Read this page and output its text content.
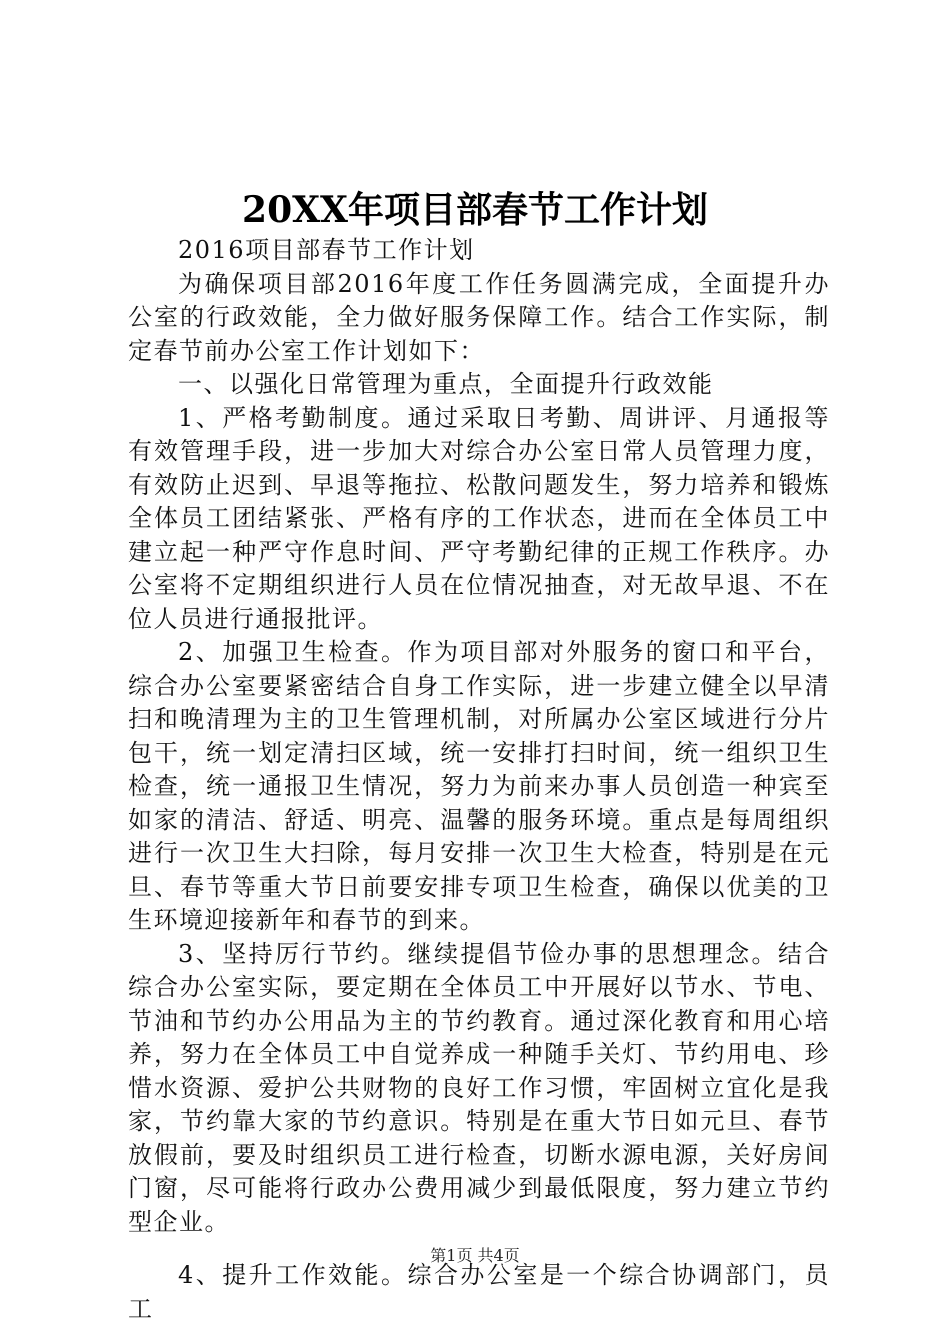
20XX年项目部春节工作计划

2016项目部春节工作计划

为确保项目部2016年度工作任务圆满完成，全面提升办公室的行政效能，全力做好服务保障工作。结合工作实际，制定春节前办公室工作计划如下：

一、以强化日常管理为重点，全面提升行政效能

1、严格考勤制度。通过采取日考勤、周讲评、月通报等有效管理手段，进一步加大对综合办公室日常人员管理力度，有效防止迟到、早退等拖拉、松散问题发生，努力培养和锻炼全体员工团结紧张、严格有序的工作状态，进而在全体员工中建立起一种严守作息时间、严守考勤纪律的正规工作秩序。办公室将不定期组织进行人员在位情况抽查，对无故早退、不在位人员进行通报批评。

2、加强卫生检查。作为项目部对外服务的窗口和平台，综合办公室要紧密结合自身工作实际，进一步建立健全以早清扫和晚清理为主的卫生管理机制，对所属办公室区域进行分片包干，统一划定清扫区域，统一安排打扫时间，统一组织卫生检查，统一通报卫生情况，努力为前来办事人员创造一种宾至如家的清洁、舒适、明亮、温馨的服务环境。重点是每周组织进行一次卫生大扫除，每月安排一次卫生大检查，特别是在元旦、春节等重大节日前要安排专项卫生检查，确保以优美的卫生环境迎接新年和春节的到来。

3、坚持厉行节约。继续提倡节俭办事的思想理念。结合综合办公室实际，要定期在全体员工中开展好以节水、节电、节油和节约办公用品为主的节约教育。通过深化教育和用心培养，努力在全体员工中自觉养成一种随手关灯、节约用电、珍惜水资源、爱护公共财物的良好工作习惯，牢固树立宜化是我家，节约靠大家的节约意识。特别是在重大节日如元旦、春节放假前，要及时组织员工进行检查，切断水源电源，关好房间门窗，尽可能将行政办公费用减少到最低限度，努力建立节约型企业。

4、提升工作效能。综合办公室是一个综合协调部门，员工

第1页 共4页
